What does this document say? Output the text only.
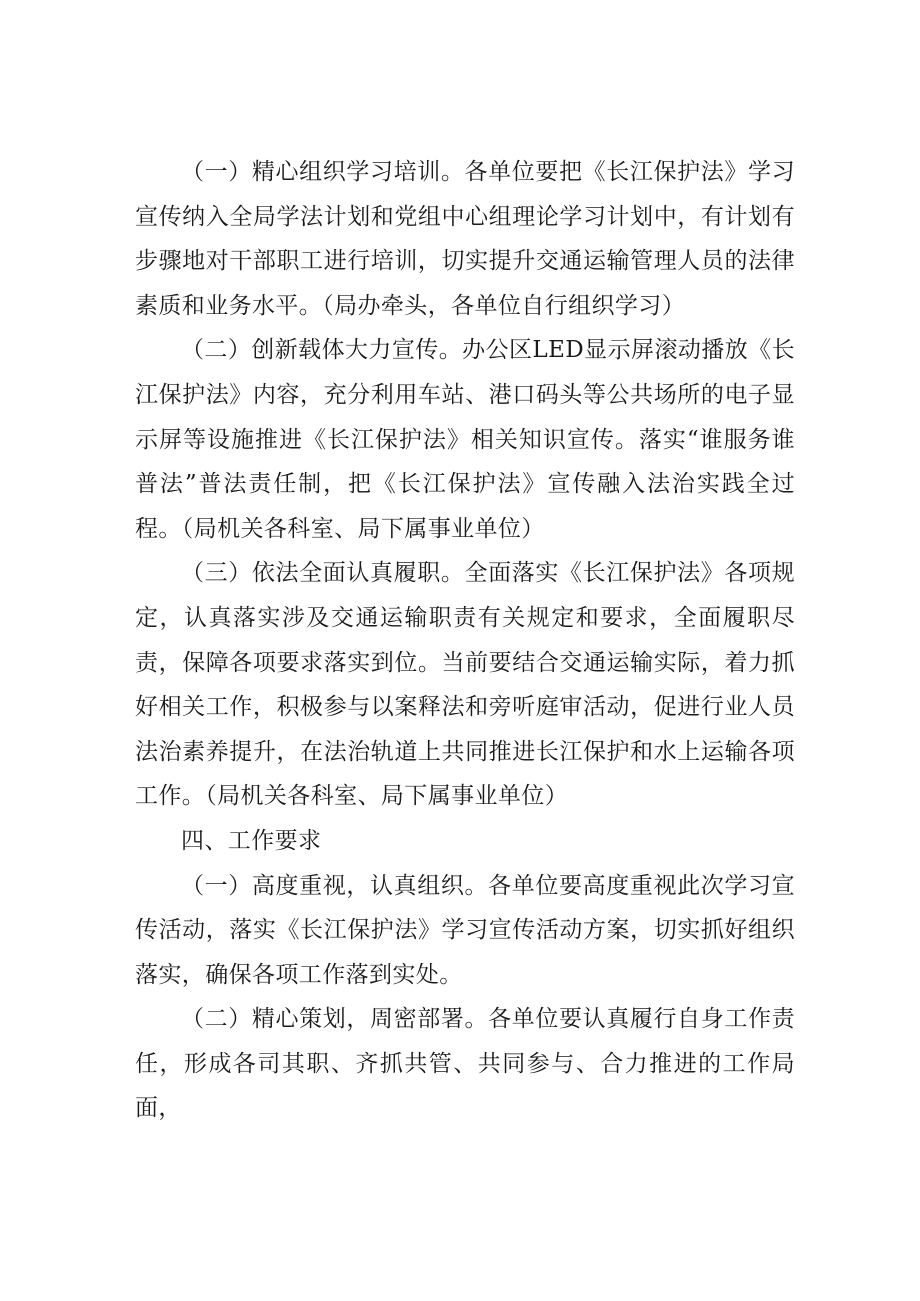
（一）精心组织学习培训。各单位要把《长江保护法》学习宣传纳入全局学法计划和党组中心组理论学习计划中，有计划有步骤地对干部职工进行培训，切实提升交通运输管理人员的法律素质和业务水平。（局办牵头，各单位自行组织学习）

（二）创新载体大力宣传。办公区LED显示屏滚动播放《长江保护法》内容，充分利用车站、港口码头等公共场所的电子显示屏等设施推进《长江保护法》相关知识宣传。落实“谁服务谁普法”普法责任制，把《长江保护法》宣传融入法治实践全过程。（局机关各科室、局下属事业单位）

（三）依法全面认真履职。全面落实《长江保护法》各项规定，认真落实涉及交通运输职责有关规定和要求，全面履职尽责，保障各项要求落实到位。当前要结合交通运输实际，着力抓好相关工作，积极参与以案释法和旁听庭审活动，促进行业人员法治素养提升，在法治轨道上共同推进长江保护和水上运输各项工作。（局机关各科室、局下属事业单位）

四、工作要求

（一）高度重视，认真组织。各单位要高度重视此次学习宣传活动，落实《长江保护法》学习宣传活动方案，切实抓好组织落实，确保各项工作落到实处。

（二）精心策划，周密部署。各单位要认真履行自身工作责任，形成各司其职、齐抓共管、共同参与、合力推进的工作局面，
